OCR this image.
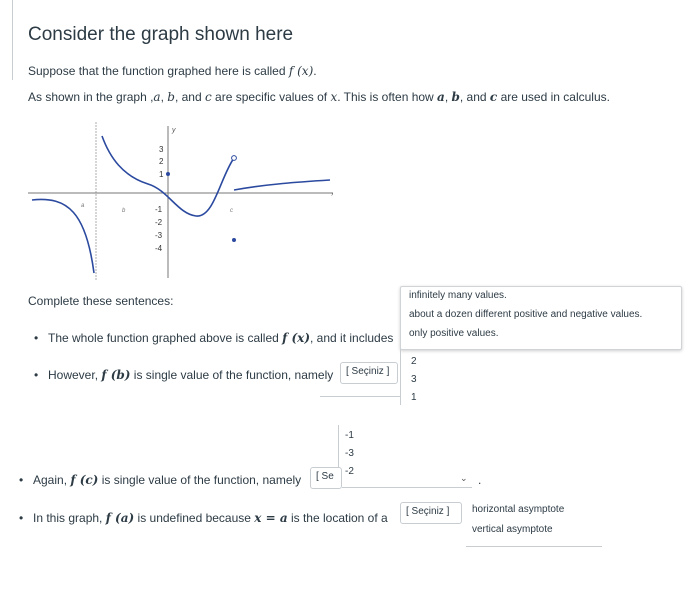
Consider the graph shown here
Suppose that the function graphed here is called f (x).
As shown in the graph ,a, b, and c are specific values of x. This is often how a, b, and c are used in calculus.
y
›
3
2
1
-1
-2
-3
-4
a
b	c
Complete these sentences:
• The whole function graphed above is called f (x), and it includes
infinitely many values.
about a dozen different positive and negative values.
only positive values.
• However, f (b) is single value of the function, namely	[ Seçiniz ]
2
3
1
-1
-3
-2
• Again, f (c) is single value of the function, namely	[ Se	⌄ .
• In this graph, f (a) is undefined because x = a is the location of a	[ Seçiniz ]	horizontal asymptote
vertical asymptote
